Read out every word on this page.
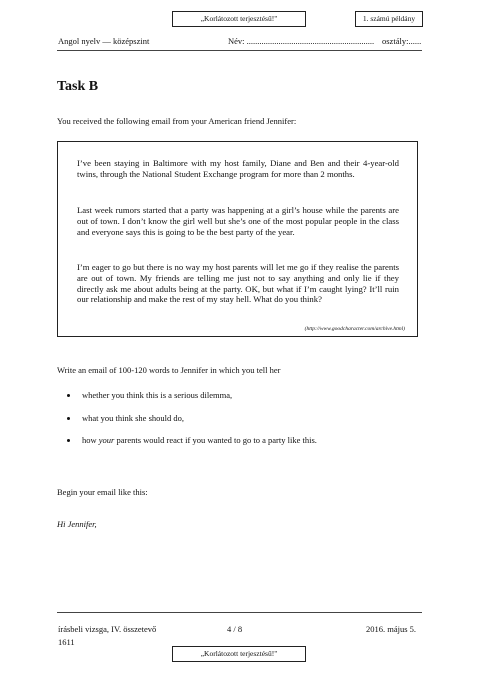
„Korlátozott terjesztésű!"	1. számú példány
Angol nyelv — középszint	Név: ............................................................ osztály:......
Task B
You received the following email from your American friend Jennifer:
I’ve been staying in Baltimore with my host family, Diane and Ben and their 4-year-old twins, through the National Student Exchange program for more than 2 months.
Last week rumors started that a party was happening at a girl’s house while the parents are out of town. I don’t know the girl well but she’s one of the most popular people in the class and everyone says this is going to be the best party of the year.
I’m eager to go but there is no way my host parents will let me go if they realise the parents are out of town. My friends are telling me just not to say anything and only lie if they directly ask me about adults being at the party. OK, but what if I’m caught lying? It’ll ruin our relationship and make the rest of my stay hell. What do you think?
(http://www.goodcharacter.com/archive.html)
Write an email of 100-120 words to Jennifer in which you tell her
whether you think this is a serious dilemma,
what you think she should do,
how your parents would react if you wanted to go to a party like this.
Begin your email like this:
Hi Jennifer,
írásbeli vizsga, IV. összetevő
1611
4 / 8	2016. május 5.
„Korlátozott terjesztésű!"
